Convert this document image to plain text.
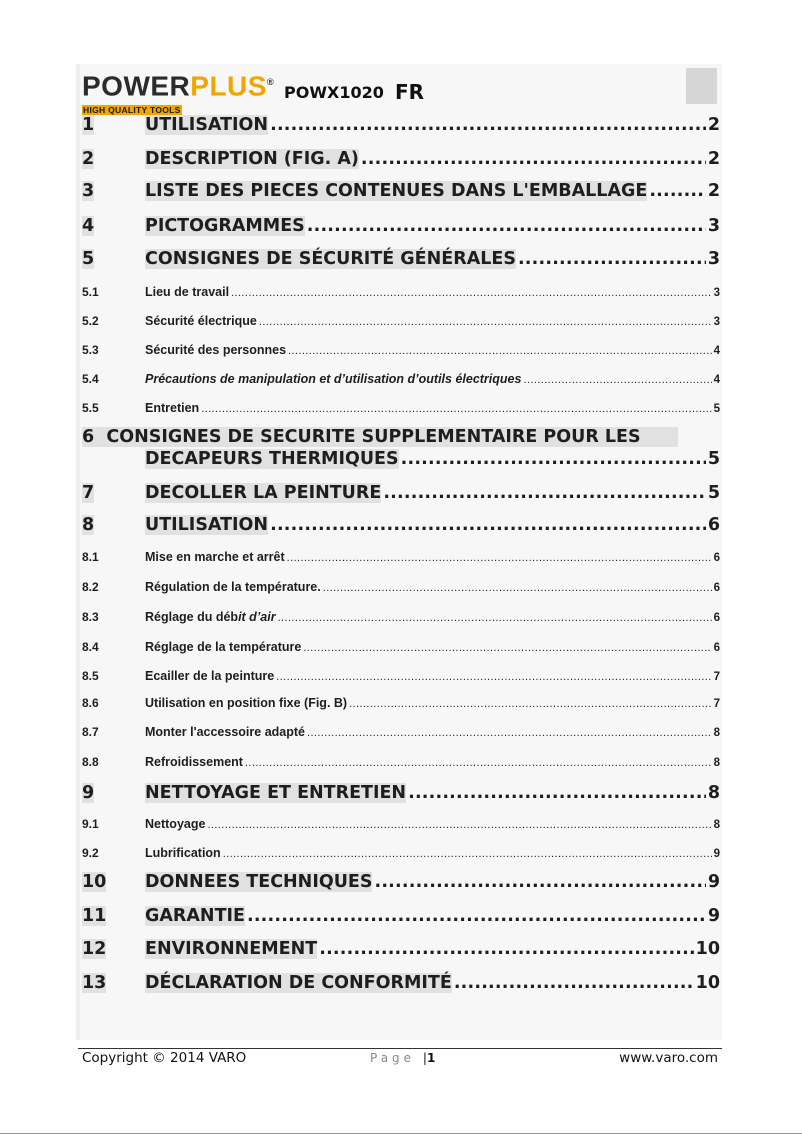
POWERPLUS®
HIGH QUALITY TOOLS
POWX1020 FR
1	UTILISATION .....	2
2	DESCRIPTION (FIG. A) .....	2
3	LISTE DES PIECES CONTENUES DANS L'EMBALLAGE .....	2
4	PICTOGRAMMES .....	3
5	CONSIGNES DE SÉCURITÉ GÉNÉRALES .....	3
5.1	Lieu de travail .....	3
5.2	Sécurité électrique .....	3
5.3	Sécurité des personnes .....	4
5.4	Précautions de manipulation et d’utilisation d’outils électriques .....	4
5.5	Entretien .....	5
6 CONSIGNES DE SECURITE SUPPLEMENTAIRE POUR LES
DECAPEURS THERMIQUES .....	5
7	DECOLLER LA PEINTURE .....	5
8	UTILISATION .....	6
8.1	Mise en marche et arrêt .....	6
8.2	Régulation de la température. .....	6
8.3	Réglage du débit d’air .....	6
8.4	Réglage de la température .....	6
8.5	Ecailler de la peinture .....	7
8.6	Utilisation en position fixe (Fig. B) .....	7
8.7	Monter l'accessoire adapté .....	8
8.8	Refroidissement .....	8
9	NETTOYAGE ET ENTRETIEN .....	8
9.1	Nettoyage .....	8
9.2	Lubrification .....	9
10	DONNEES TECHNIQUES .....	9
11	GARANTIE .....	9
12	ENVIRONNEMENT .....	10
13	DÉCLARATION DE CONFORMITÉ .....	10
Copyright © 2014 VARO	Page |1	www.varo.com
